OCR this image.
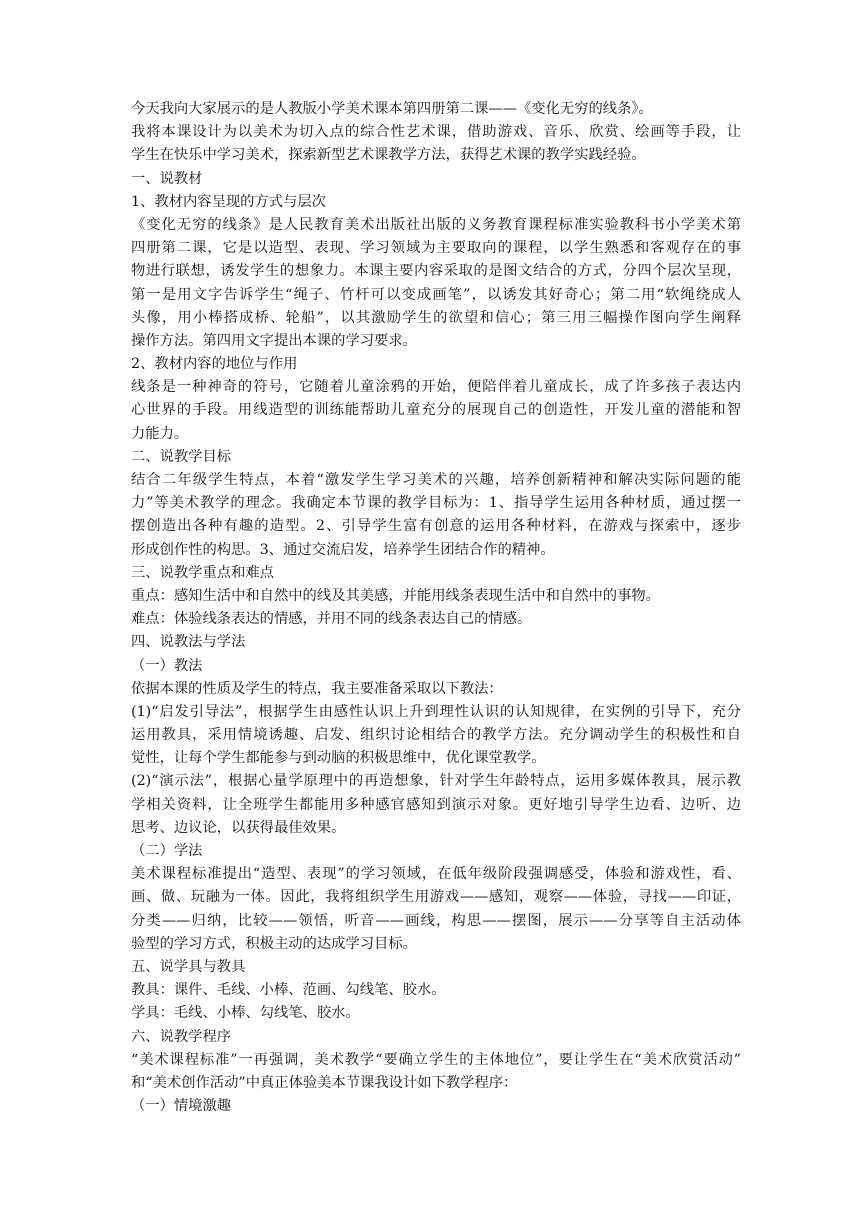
今天我向大家展示的是人教版小学美术课本第四册第二课——《变化无穷的线条》。
我将本课设计为以美术为切入点的综合性艺术课，借助游戏、音乐、欣赏、绘画等手段，让
学生在快乐中学习美术，探索新型艺术课教学方法，获得艺术课的教学实践经验。
一、说教材
1、教材内容呈现的方式与层次
《变化无穷的线条》是人民教育美术出版社出版的义务教育课程标准实验教科书小学美术第
四册第二课，它是以造型、表现、学习领域为主要取向的课程，以学生熟悉和客观存在的事
物进行联想，诱发学生的想象力。本课主要内容采取的是图文结合的方式，分四个层次呈现，
第一是用文字告诉学生“绳子、竹杆可以变成画笔”，以诱发其好奇心；第二用“软绳绕成人
头像，用小棒搭成桥、轮船”，以其激励学生的欲望和信心；第三用三幅操作图向学生阐释
操作方法。第四用文字提出本课的学习要求。
2、教材内容的地位与作用
线条是一种神奇的符号，它随着儿童涂鸦的开始，便陪伴着儿童成长，成了许多孩子表达内
心世界的手段。用线造型的训练能帮助儿童充分的展现自己的创造性，开发儿童的潜能和智
力能力。
二、说教学目标
结合二年级学生特点，本着“激发学生学习美术的兴趣，培养创新精神和解决实际问题的能
力”等美术教学的理念。我确定本节课的教学目标为：1、指导学生运用各种材质，通过摆一
摆创造出各种有趣的造型。2、引导学生富有创意的运用各种材料，在游戏与探索中，逐步
形成创作性的构思。3、通过交流启发，培养学生团结合作的精神。
三、说教学重点和难点
重点：感知生活中和自然中的线及其美感，并能用线条表现生活中和自然中的事物。
难点：体验线条表达的情感，并用不同的线条表达自己的情感。
四、说教法与学法
（一）教法
依据本课的性质及学生的特点，我主要准备采取以下教法：
(1)“启发引导法”，根据学生由感性认识上升到理性认识的认知规律，在实例的引导下，充分
运用教具，采用情境诱趣、启发、组织讨论相结合的教学方法。充分调动学生的积极性和自
觉性，让每个学生都能参与到动脑的积极思维中，优化课堂教学。
(2)“演示法”，根据心量学原理中的再造想象，针对学生年龄特点，运用多媒体教具，展示教
学相关资料，让全班学生都能用多种感官感知到演示对象。更好地引导学生边看、边听、边
思考、边议论，以获得最佳效果。
（二）学法
美术课程标准提出“造型、表现”的学习领域，在低年级阶段强调感受，体验和游戏性，看、
画、做、玩融为一体。因此，我将组织学生用游戏——感知，观察——体验，寻找——印证，
分类——归纳，比较——领悟，听音——画线，构思——摆图，展示——分享等自主活动体
验型的学习方式，积极主动的达成学习目标。
五、说学具与教具
教具：课件、毛线、小棒、范画、勾线笔、胶水。
学具：毛线、小棒、勾线笔、胶水。
六、说教学程序
“美术课程标准”一再强调，美术教学“要确立学生的主体地位”，要让学生在“美术欣赏活动”
和“美术创作活动”中真正体验美本节课我设计如下教学程序：
（一）情境激趣
